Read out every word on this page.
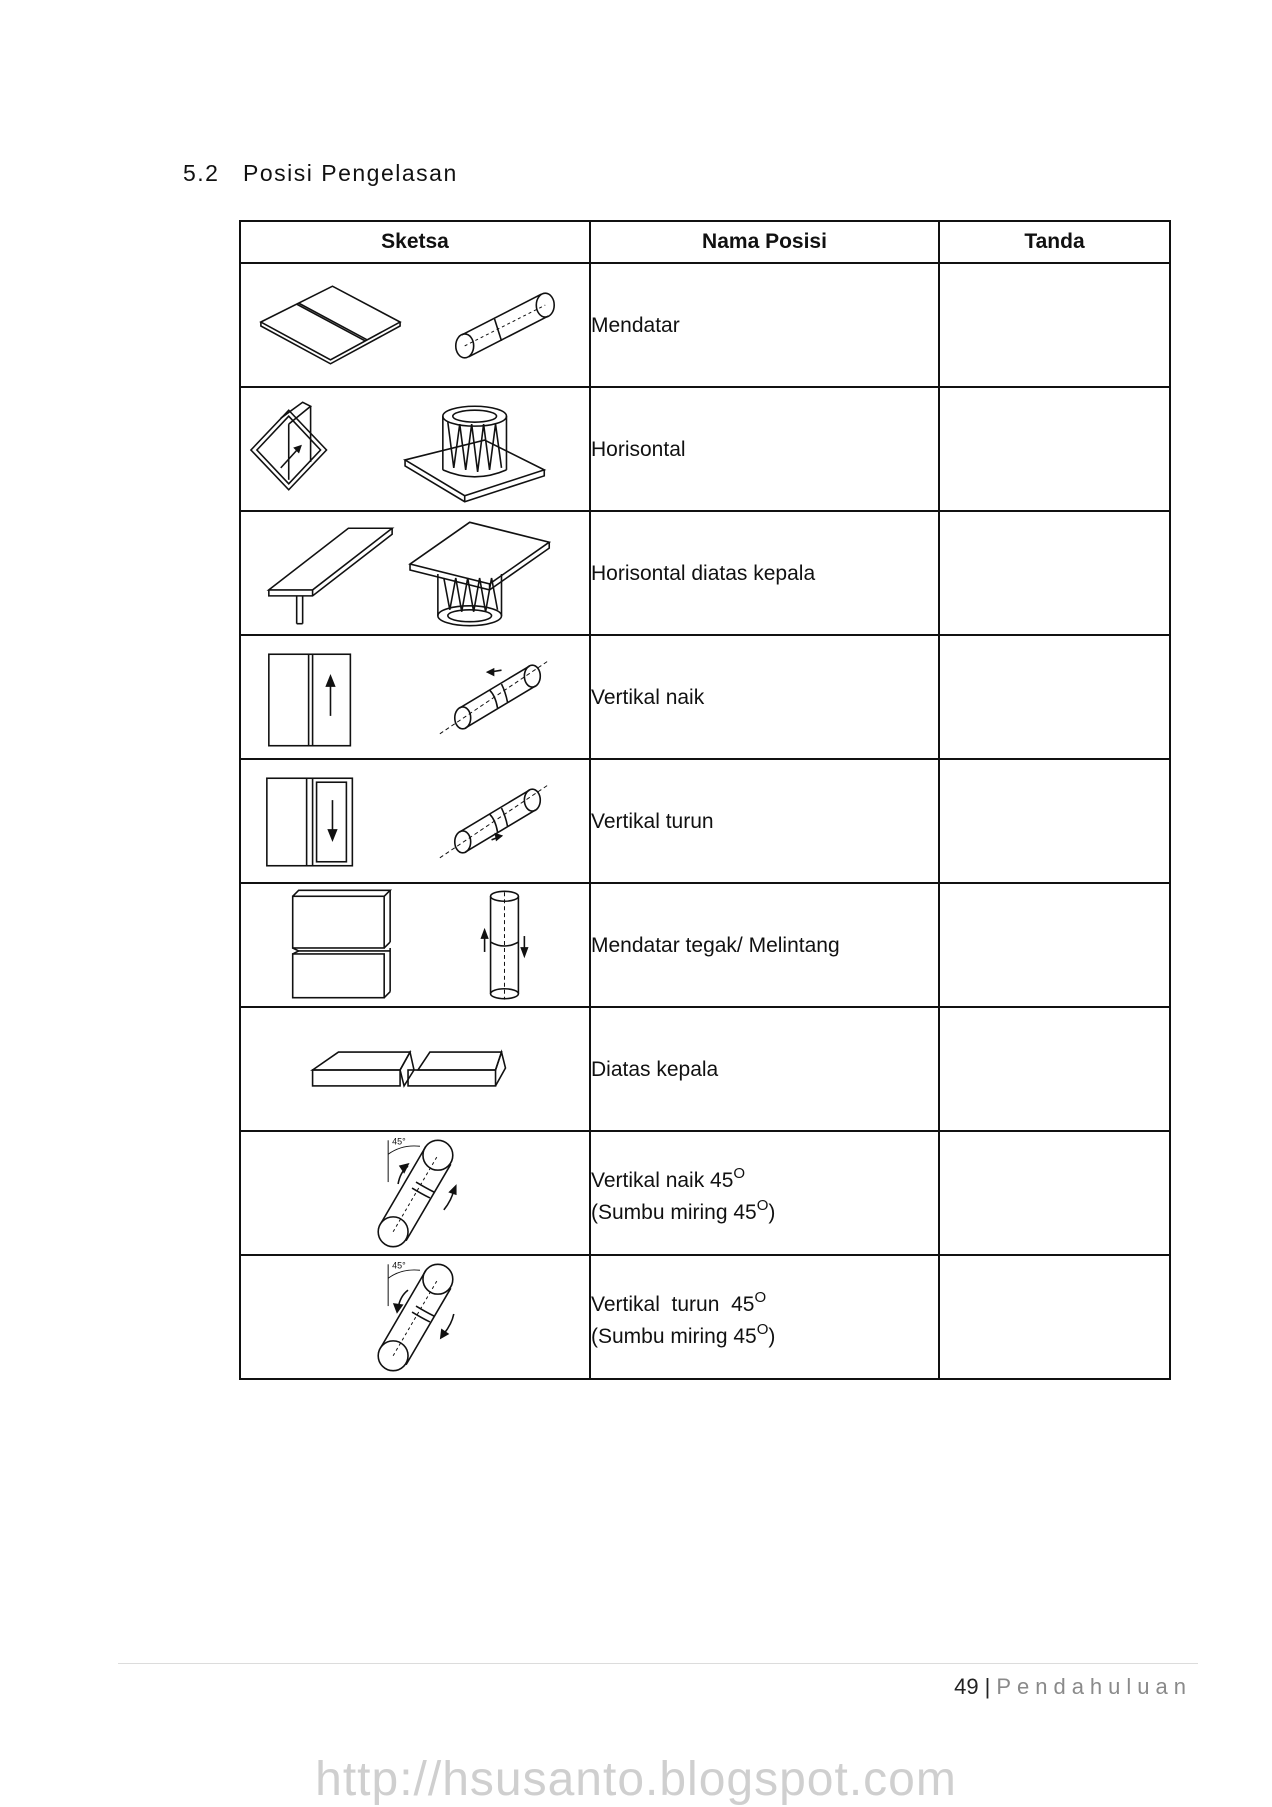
5.2 Posisi Pengelasan
Sketsa	Nama Posisi	Tanda

	Mendatar	

	Horisontal	

	Horisontal diatas kepala	

	Vertikal naik	

	Vertikal turun	

	Mendatar tegak/ Melintang	

	Diatas kepala	

45°	Vertikal naik $45^O$
(Sumbu miring $45^O$)	

45°	Vertikal  turun  $45^O$
(Sumbu miring $45^O$)	

49 | Pendahuluan
http://hsusanto.blogspot.com
